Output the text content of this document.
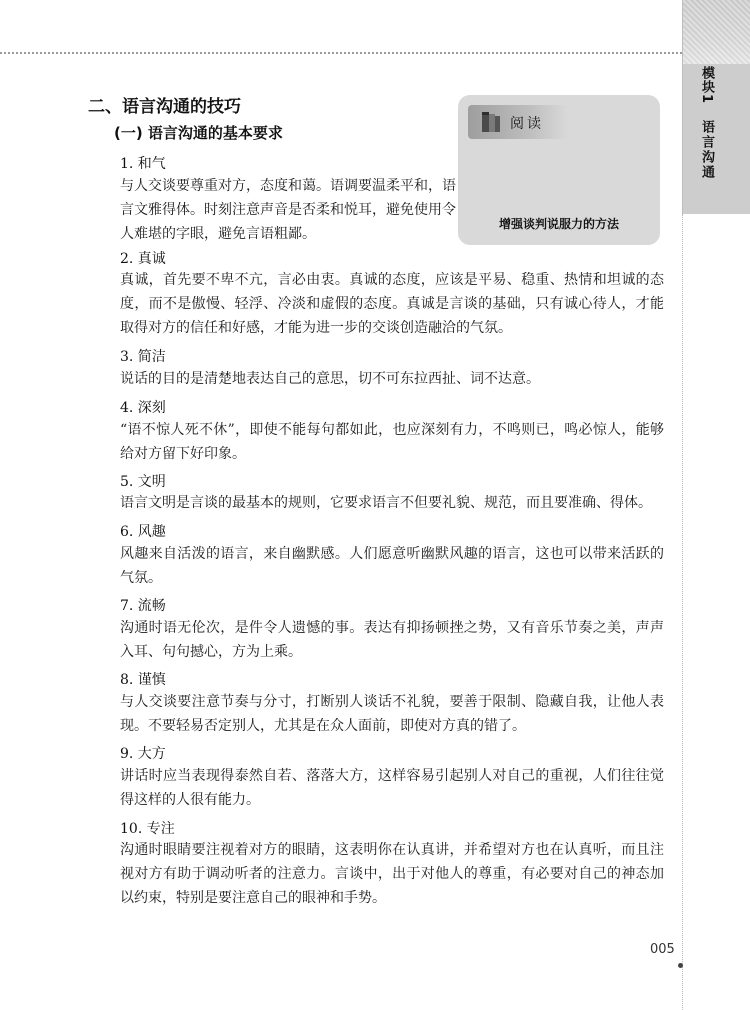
模块1
语言沟通
二、语言沟通的技巧
(一) 语言沟通的基本要求
1. 和气

与人交谈要尊重对方，态度和蔼。语调要温柔平和，语言文雅得体。时刻注意声音是否柔和悦耳，避免使用令人难堪的字眼，避免言语粗鄙。

2. 真诚

真诚，首先要不卑不亢，言必由衷。真诚的态度，应该是平易、稳重、热情和坦诚的态度，而不是傲慢、轻浮、冷淡和虚假的态度。真诚是言谈的基础，只有诚心待人，才能取得对方的信任和好感，才能为进一步的交谈创造融洽的气氛。

3. 简洁

说话的目的是清楚地表达自己的意思，切不可东拉西扯、词不达意。

4. 深刻

“语不惊人死不休”，即使不能每句都如此，也应深刻有力，不鸣则已，鸣必惊人，能够给对方留下好印象。

5. 文明

语言文明是言谈的最基本的规则，它要求语言不但要礼貌、规范，而且要准确、得体。

6. 风趣

风趣来自活泼的语言，来自幽默感。人们愿意听幽默风趣的语言，这也可以带来活跃的气氛。

7. 流畅

沟通时语无伦次，是件令人遗憾的事。表达有抑扬顿挫之势，又有音乐节奏之美，声声入耳、句句撼心，方为上乘。

8. 谨慎

与人交谈要注意节奏与分寸，打断别人谈话不礼貌，要善于限制、隐藏自我，让他人表现。不要轻易否定别人，尤其是在众人面前，即使对方真的错了。

9. 大方

讲话时应当表现得泰然自若、落落大方，这样容易引起别人对自己的重视，人们往往觉得这样的人很有能力。

10. 专注

沟通时眼睛要注视着对方的眼睛，这表明你在认真讲，并希望对方也在认真听，而且注视对方有助于调动听者的注意力。言谈中，出于对他人的尊重，有必要对自己的神态加以约束，特别是要注意自己的眼神和手势。

阅读
增强谈判说服力的方法
005
